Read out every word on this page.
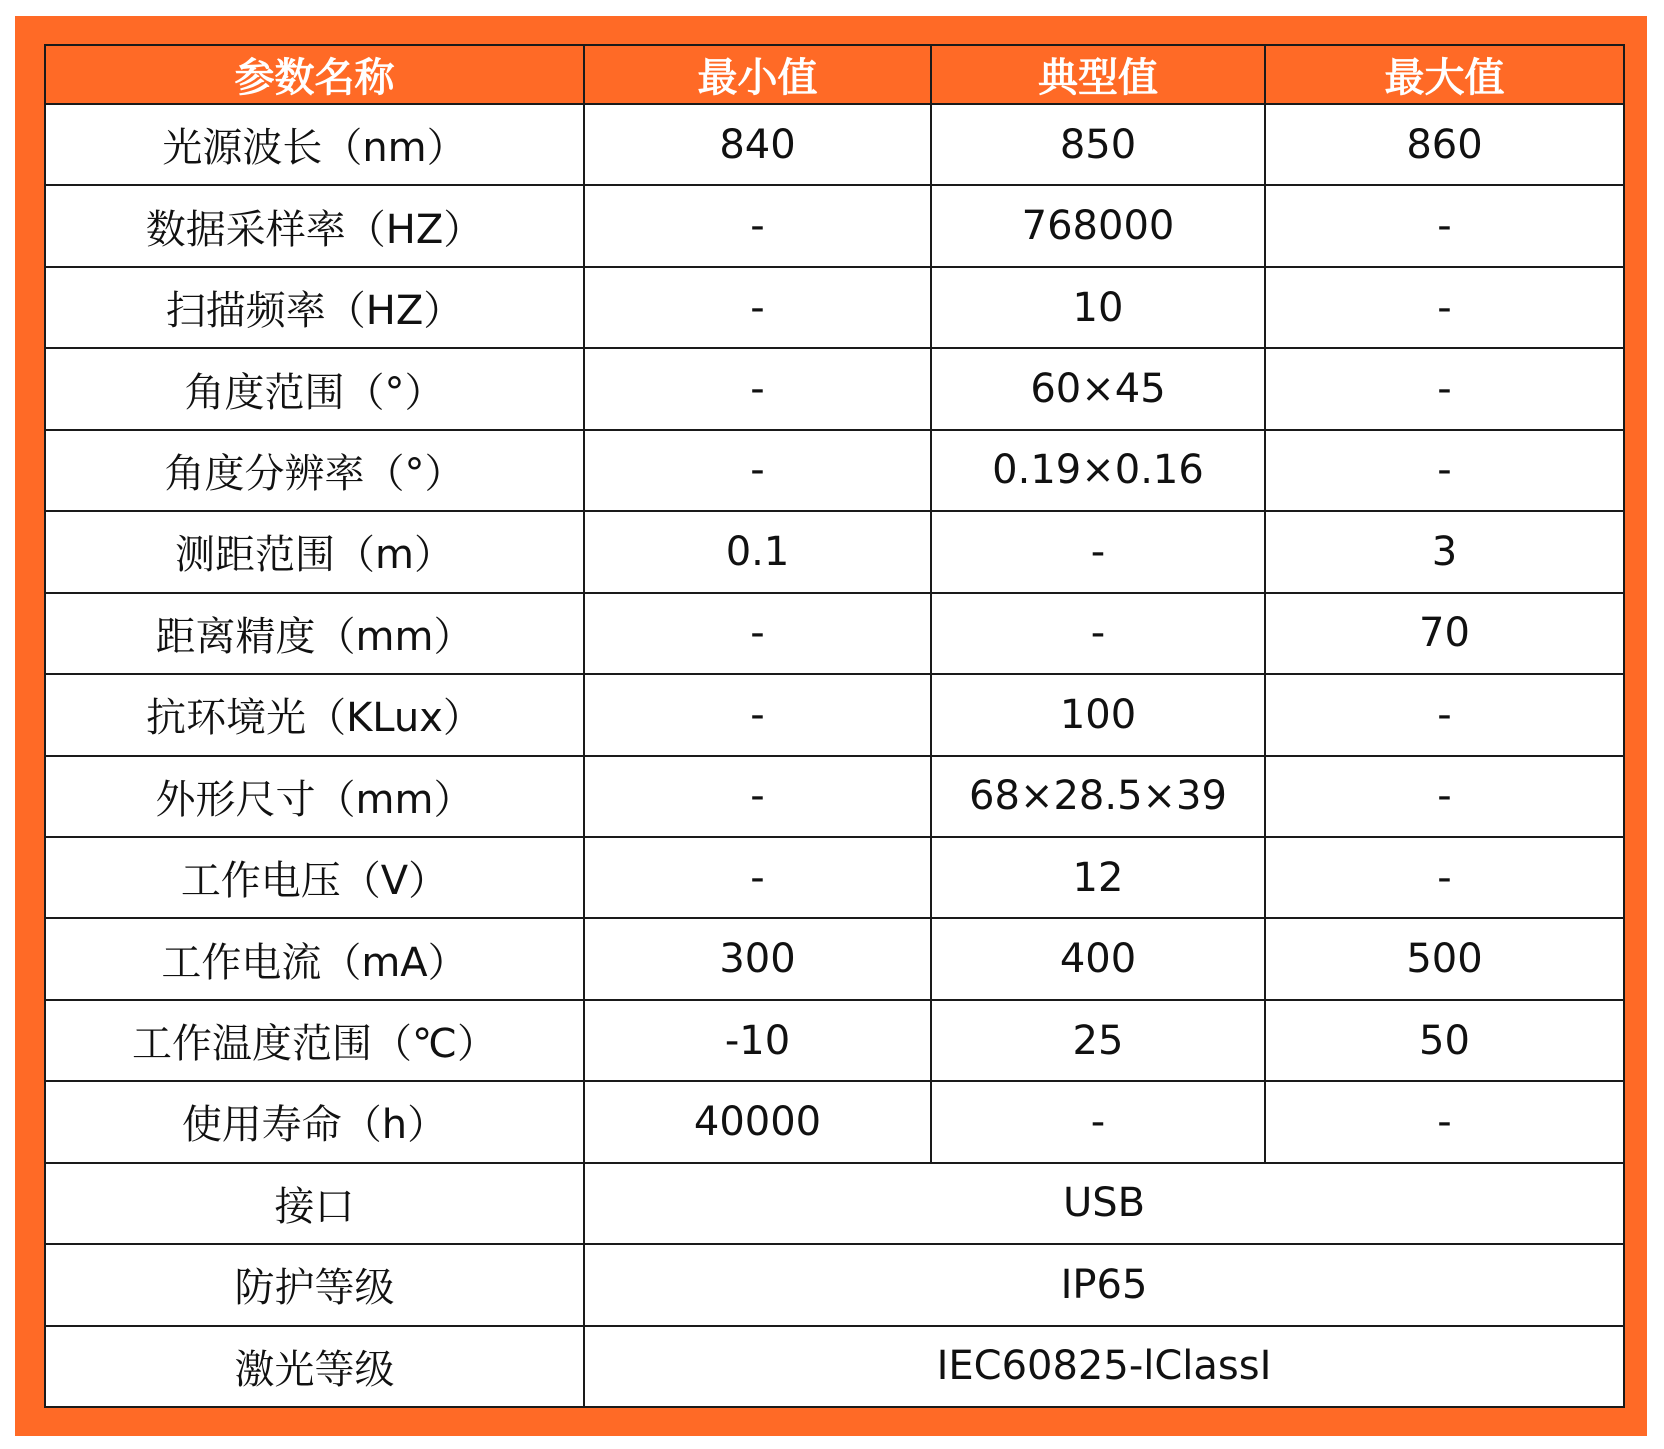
参数名称	最小值	典型值	最大值
光源波长（nm）	840	850	860
数据采样率（HZ）	-	768000	-
扫描频率（HZ）	-	10	-
角度范围（°）	-	60×45	-
角度分辨率（°）	-	0.19×0.16	-
测距范围（m）	0.1	-	3
距离精度（mm）	-	-	70
抗环境光（KLux）	-	100	-
外形尺寸（mm）	-	68×28.5×39	-
工作电压（V）	-	12	-
工作电流（mA）	300	400	500
工作温度范围（℃）	-10	25	50
使用寿命（h）	40000	-	-
接口	USB		
防护等级	IP65		
激光等级	IEC60825-lClassI		
